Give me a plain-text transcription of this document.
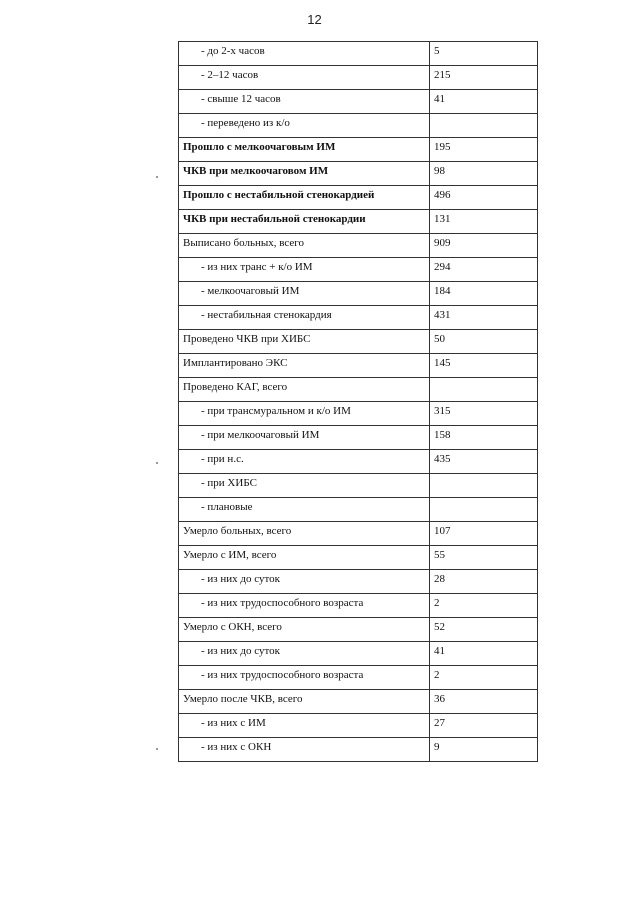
12
- до 2-х часов	5
- 2–12 часов	215
- свыше 12 часов	41
- переведено из к/о	
Прошло с мелкоочаговым ИМ	195
ЧКВ при мелкоочаговом ИМ	98
Прошло с нестабильной стенокардией	496
ЧКВ при нестабильной стенокардии	131
Выписано больных, всего	909
- из них транс + к/о ИМ	294
- мелкоочаговый ИМ	184
- нестабильная стенокардия	431
Проведено ЧКВ при ХИБС	50
Имплантировано ЭКС	145
Проведено КАГ, всего	
- при трансмуральном и к/о ИМ	315
- при мелкоочаговый ИМ	158
- при н.с.	435
- при ХИБС	
- плановые	
Умерло больных, всего	107
Умерло с ИМ, всего	55
- из них до суток	28
- из них трудоспособного возраста	2
Умерло с ОКН, всего	52
- из них до суток	41
- из них трудоспособного возраста	2
Умерло после ЧКВ, всего	36
- из них с ИМ	27
- из них с ОКН	9
